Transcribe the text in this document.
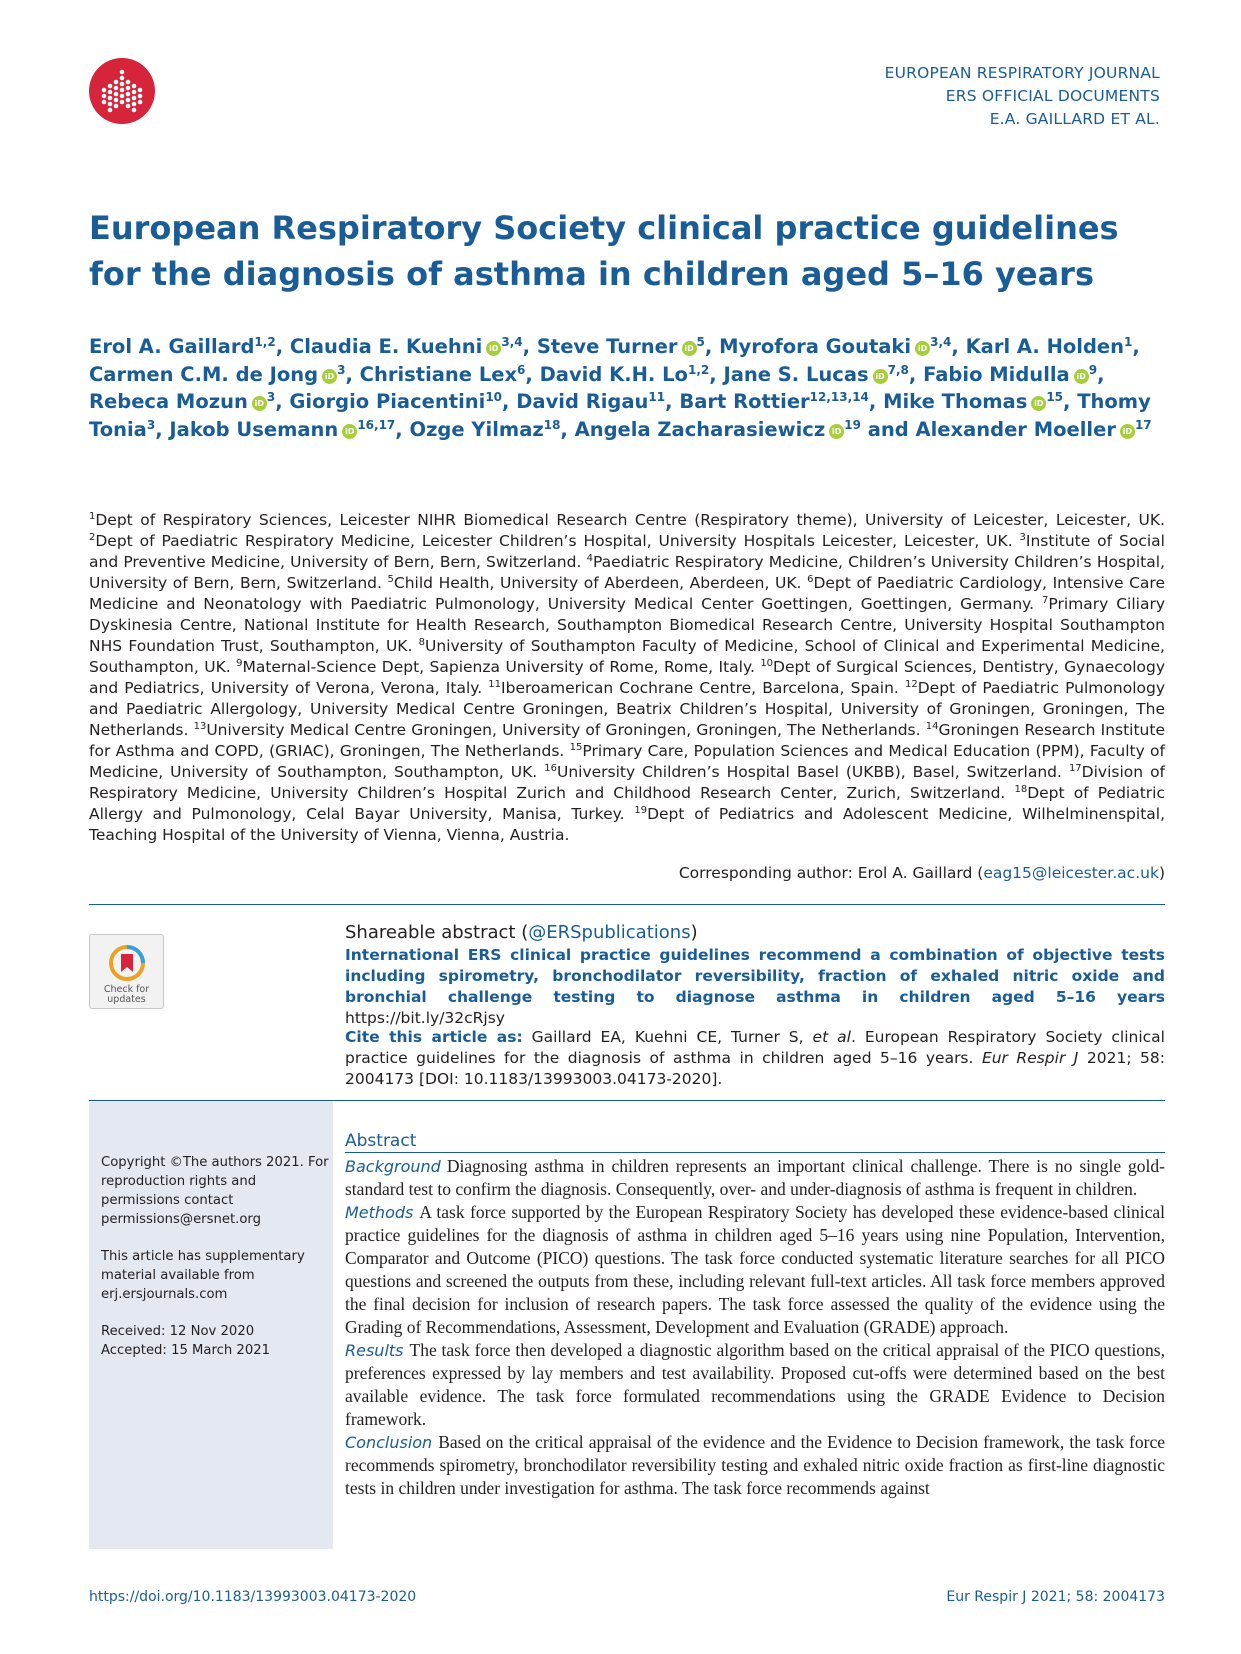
EUROPEAN RESPIRATORY JOURNAL
ERS OFFICIAL DOCUMENTS
E.A. GAILLARD ET AL.
European Respiratory Society clinical practice guidelines for the diagnosis of asthma in children aged 5–16 years
Erol A. Gaillard$^{1,2}$, Claudia E. Kuehni iD $^{3,4}$, Steve Turner iD $^5$, Myrofora Goutaki iD $^{3,4}$, Karl A. Holden$^1$, Carmen C.M. de Jong iD $^3$, Christiane Lex$^6$, David K.H. Lo$^{1,2}$, Jane S. Lucas iD $^{7,8}$, Fabio Midulla iD $^9$, Rebeca Mozun iD $^3$, Giorgio Piacentini$^{10}$, David Rigau$^{11}$, Bart Rottier$^{12,13,14}$, Mike Thomas iD $^{15}$, Thomy Tonia$^3$, Jakob Usemann iD $^{16,17}$, Ozge Yilmaz$^{18}$, Angela Zacharasiewicz iD $^{19}$ and Alexander Moeller iD $^{17}$
$^1$Dept of Respiratory Sciences, Leicester NIHR Biomedical Research Centre (Respiratory theme), University of Leicester, Leicester, UK. $^2$Dept of Paediatric Respiratory Medicine, Leicester Children’s Hospital, University Hospitals Leicester, Leicester, UK. $^3$Institute of Social and Preventive Medicine, University of Bern, Bern, Switzerland. $^4$Paediatric Respiratory Medicine, Children’s University Children’s Hospital, University of Bern, Bern, Switzerland. $^5$Child Health, University of Aberdeen, Aberdeen, UK. $^6$Dept of Paediatric Cardiology, Intensive Care Medicine and Neonatology with Paediatric Pulmonology, University Medical Center Goettingen, Goettingen, Germany. $^7$Primary Ciliary Dyskinesia Centre, National Institute for Health Research, Southampton Biomedical Research Centre, University Hospital Southampton NHS Foundation Trust, Southampton, UK. $^8$University of Southampton Faculty of Medicine, School of Clinical and Experimental Medicine, Southampton, UK. $^9$Maternal-Science Dept, Sapienza University of Rome, Rome, Italy. $^{10}$Dept of Surgical Sciences, Dentistry, Gynaecology and Pediatrics, University of Verona, Verona, Italy. $^{11}$Iberoamerican Cochrane Centre, Barcelona, Spain. $^{12}$Dept of Paediatric Pulmonology and Paediatric Allergology, University Medical Centre Groningen, Beatrix Children’s Hospital, University of Groningen, Groningen, The Netherlands. $^{13}$University Medical Centre Groningen, University of Groningen, Groningen, The Netherlands. $^{14}$Groningen Research Institute for Asthma and COPD, (GRIAC), Groningen, The Netherlands. $^{15}$Primary Care, Population Sciences and Medical Education (PPM), Faculty of Medicine, University of Southampton, Southampton, UK. $^{16}$University Children’s Hospital Basel (UKBB), Basel, Switzerland. $^{17}$Division of Respiratory Medicine, University Children’s Hospital Zurich and Childhood Research Center, Zurich, Switzerland. $^{18}$Dept of Pediatric Allergy and Pulmonology, Celal Bayar University, Manisa, Turkey. $^{19}$Dept of Pediatrics and Adolescent Medicine, Wilhelminenspital, Teaching Hospital of the University of Vienna, Vienna, Austria.
Corresponding author: Erol A. Gaillard (eag15@leicester.ac.uk)
Check for
updates
Shareable abstract (@ERSpublications)
International ERS clinical practice guidelines recommend a combination of objective tests including spirometry, bronchodilator reversibility, fraction of exhaled nitric oxide and bronchial challenge testing to diagnose asthma in children aged 5–16 years https://bit.ly/32cRjsy
Cite this article as: Gaillard EA, Kuehni CE, Turner S, et al. European Respiratory Society clinical practice guidelines for the diagnosis of asthma in children aged 5–16 years. Eur Respir J 2021; 58: 2004173 [DOI: 10.1183/13993003.04173-2020].

Copyright ©The authors 2021. For reproduction rights and permissions contact permissions@ersnet.org

This article has supplementary material available from erj.ersjournals.com

Received: 12 Nov 2020
Accepted: 15 March 2021
Abstract

Background Diagnosing asthma in children represents an important clinical challenge. There is no single gold-standard test to confirm the diagnosis. Consequently, over- and under-diagnosis of asthma is frequent in children.

Methods A task force supported by the European Respiratory Society has developed these evidence-based clinical practice guidelines for the diagnosis of asthma in children aged 5–16 years using nine Population, Intervention, Comparator and Outcome (PICO) questions. The task force conducted systematic literature searches for all PICO questions and screened the outputs from these, including relevant full-text articles. All task force members approved the final decision for inclusion of research papers. The task force assessed the quality of the evidence using the Grading of Recommendations, Assessment, Development and Evaluation (GRADE) approach.

Results The task force then developed a diagnostic algorithm based on the critical appraisal of the PICO questions, preferences expressed by lay members and test availability. Proposed cut-offs were determined based on the best available evidence. The task force formulated recommendations using the GRADE Evidence to Decision framework.

Conclusion Based on the critical appraisal of the evidence and the Evidence to Decision framework, the task force recommends spirometry, bronchodilator reversibility testing and exhaled nitric oxide fraction as first-line diagnostic tests in children under investigation for asthma. The task force recommends against

https://doi.org/10.1183/13993003.04173-2020	Eur Respir J 2021; 58: 2004173
